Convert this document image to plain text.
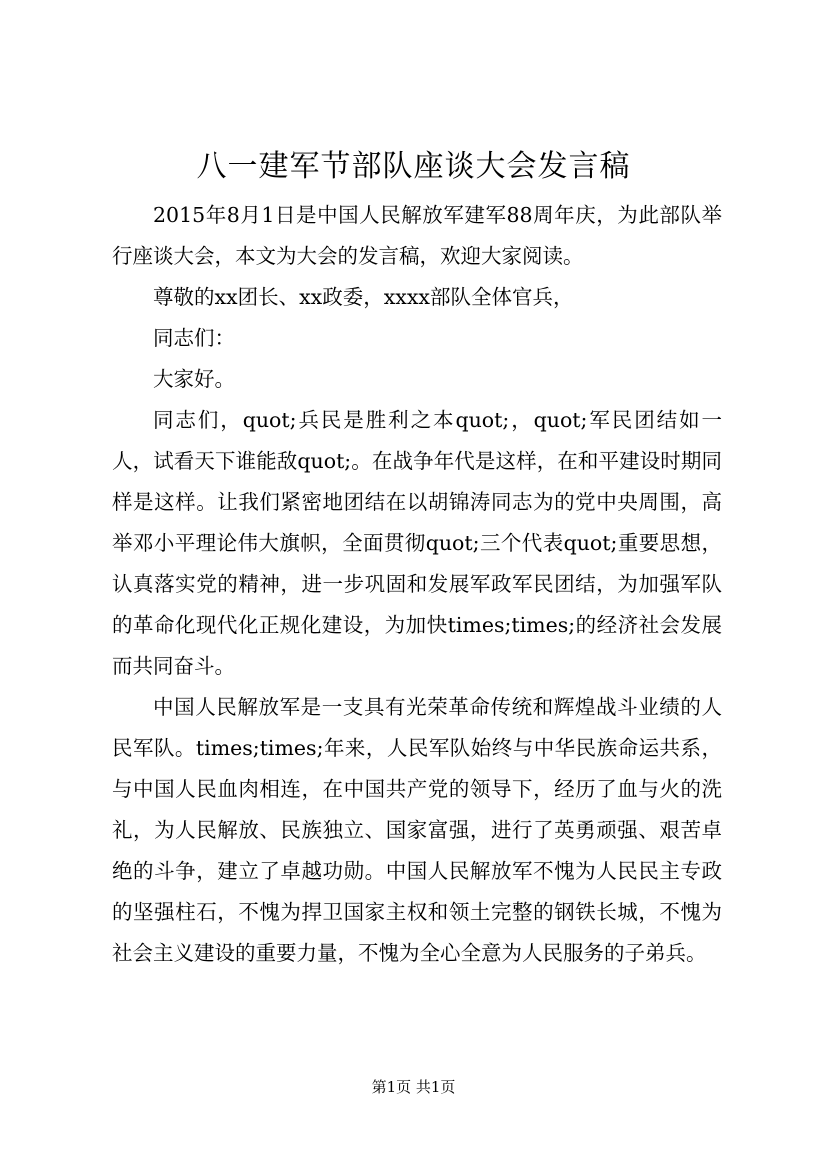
八一建军节部队座谈大会发言稿

2015年8月1日是中国人民解放军建军88周年庆，为此部队举行座谈大会，本文为大会的发言稿，欢迎大家阅读。

尊敬的xx团长、xx政委，xxxx部队全体官兵，

同志们：

大家好。

同志们，quot;兵民是胜利之本quot;，quot;军民团结如一人，试看天下谁能敌quot;。在战争年代是这样，在和平建设时期同样是这样。让我们紧密地团结在以胡锦涛同志为的党中央周围，高举邓小平理论伟大旗帜，全面贯彻quot;三个代表quot;重要思想，认真落实党的精神，进一步巩固和发展军政军民团结，为加强军队的革命化现代化正规化建设，为加快times;times;的经济社会发展而共同奋斗。

中国人民解放军是一支具有光荣革命传统和辉煌战斗业绩的人民军队。times;times;年来，人民军队始终与中华民族命运共系，与中国人民血肉相连，在中国共产党的领导下，经历了血与火的洗礼，为人民解放、民族独立、国家富强，进行了英勇顽强、艰苦卓绝的斗争，建立了卓越功勋。中国人民解放军不愧为人民民主专政的坚强柱石，不愧为捍卫国家主权和领土完整的钢铁长城，不愧为社会主义建设的重要力量，不愧为全心全意为人民服务的子弟兵。

第1页 共1页
